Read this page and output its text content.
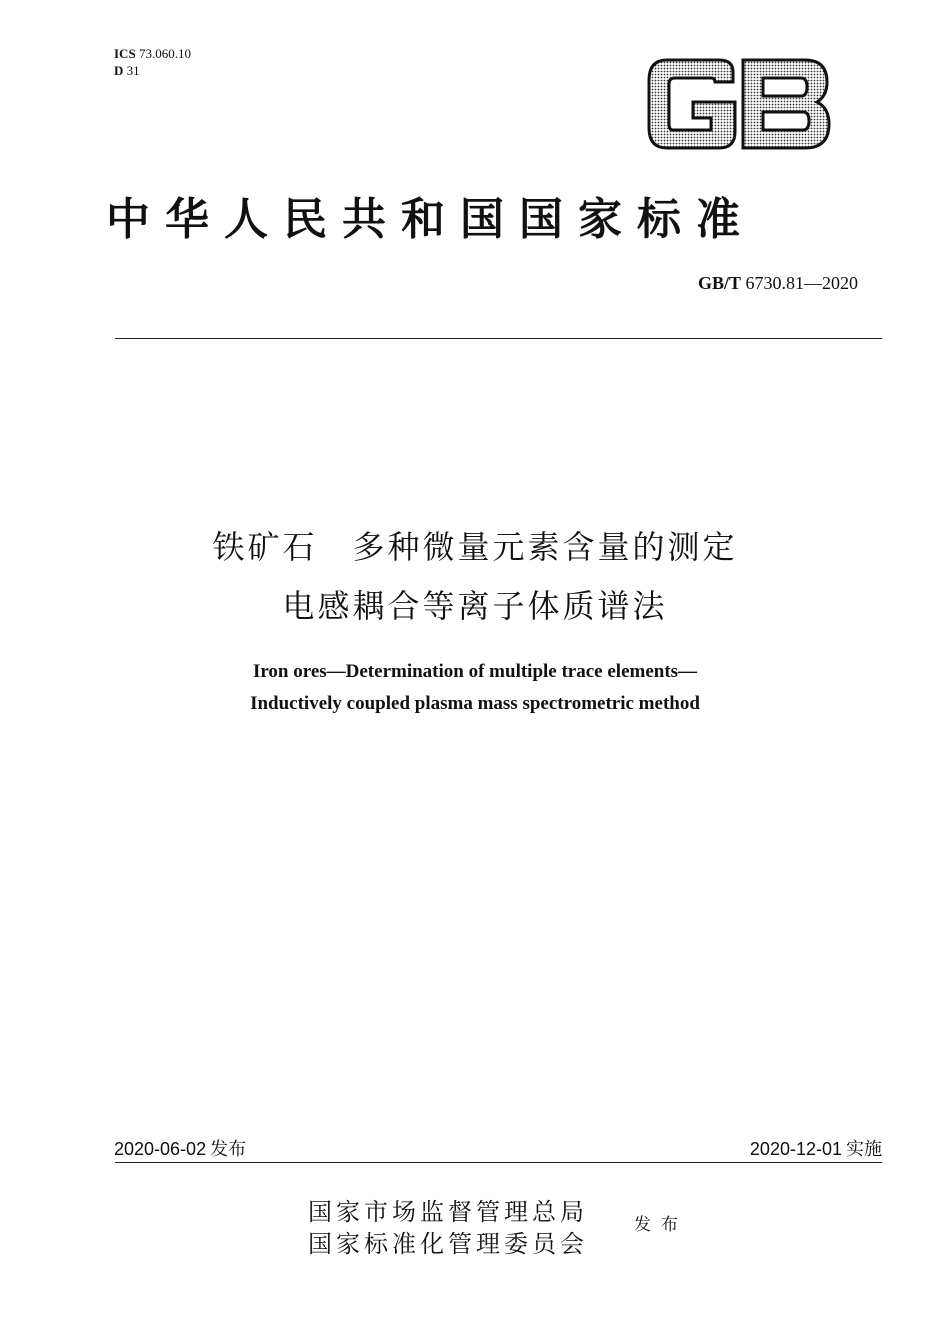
ICS 73.060.10
D 31
中华人民共和国国家标准
GB/T 6730.81—2020
铁矿石　多种微量元素含量的测定
电感耦合等离子体质谱法
Iron ores—Determination of multiple trace elements—
Inductively coupled plasma mass spectrometric method
2020-06-02 发布	2020-12-01 实施
国家市场监督管理总局
国家标准化管理委员会
发布
